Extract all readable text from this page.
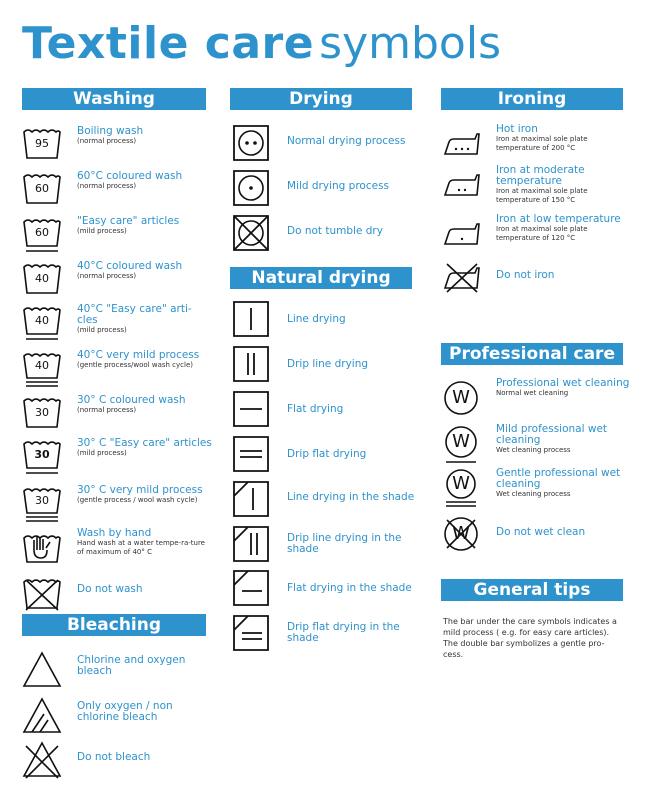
Textile care symbols
Washing
95
Boiling wash
(normal process)
60
60°C coloured wash
(normal process)
60
"Easy care" articles
(mild process)
40
40°C coloured wash
(normal process)
40
40°C "Easy care" arti-cles
(mild process)
40
40°C very mild process
(gentle process/wool wash cycle)
30
30° C coloured wash
(normal process)
30
30° C "Easy care" articles
(mild process)
30
30° C very mild process
(gentle process / wool wash cycle)
Wash by hand
Hand wash at a water tempe-ra-ture of maximum of 40° C
Do not wash
Bleaching
Chlorine and oxygen bleach
Only oxygen / non chlorine bleach
Do not bleach
Drying
Normal drying process
Mild drying process
Do not tumble dry
Natural drying
Line drying
Drip line drying
Flat drying
Drip flat drying
Line drying in the shade
Drip line drying in the shade
Flat drying in the shade
Drip flat drying in the shade
Ironing
Hot iron
Iron at maximal sole plate temperature of 200 °C
Iron at moderate temperature
Iron at maximal sole plate temperature of 150 °C
Iron at low temperature
Iron at maximal sole plate temperature of 120 °C
Do not iron
Professional care
W
Professional wet cleaning
Normal wet cleaning
W
Mild professional wet cleaning
Wet cleaning process
W	Gentle professional wet cleaning
Wet cleaning process
W	Do not wet clean
General tips
The bar under the care symbols indicates a mild process ( e.g. for easy care articles). The double bar symbolizes a gentle pro-cess.
